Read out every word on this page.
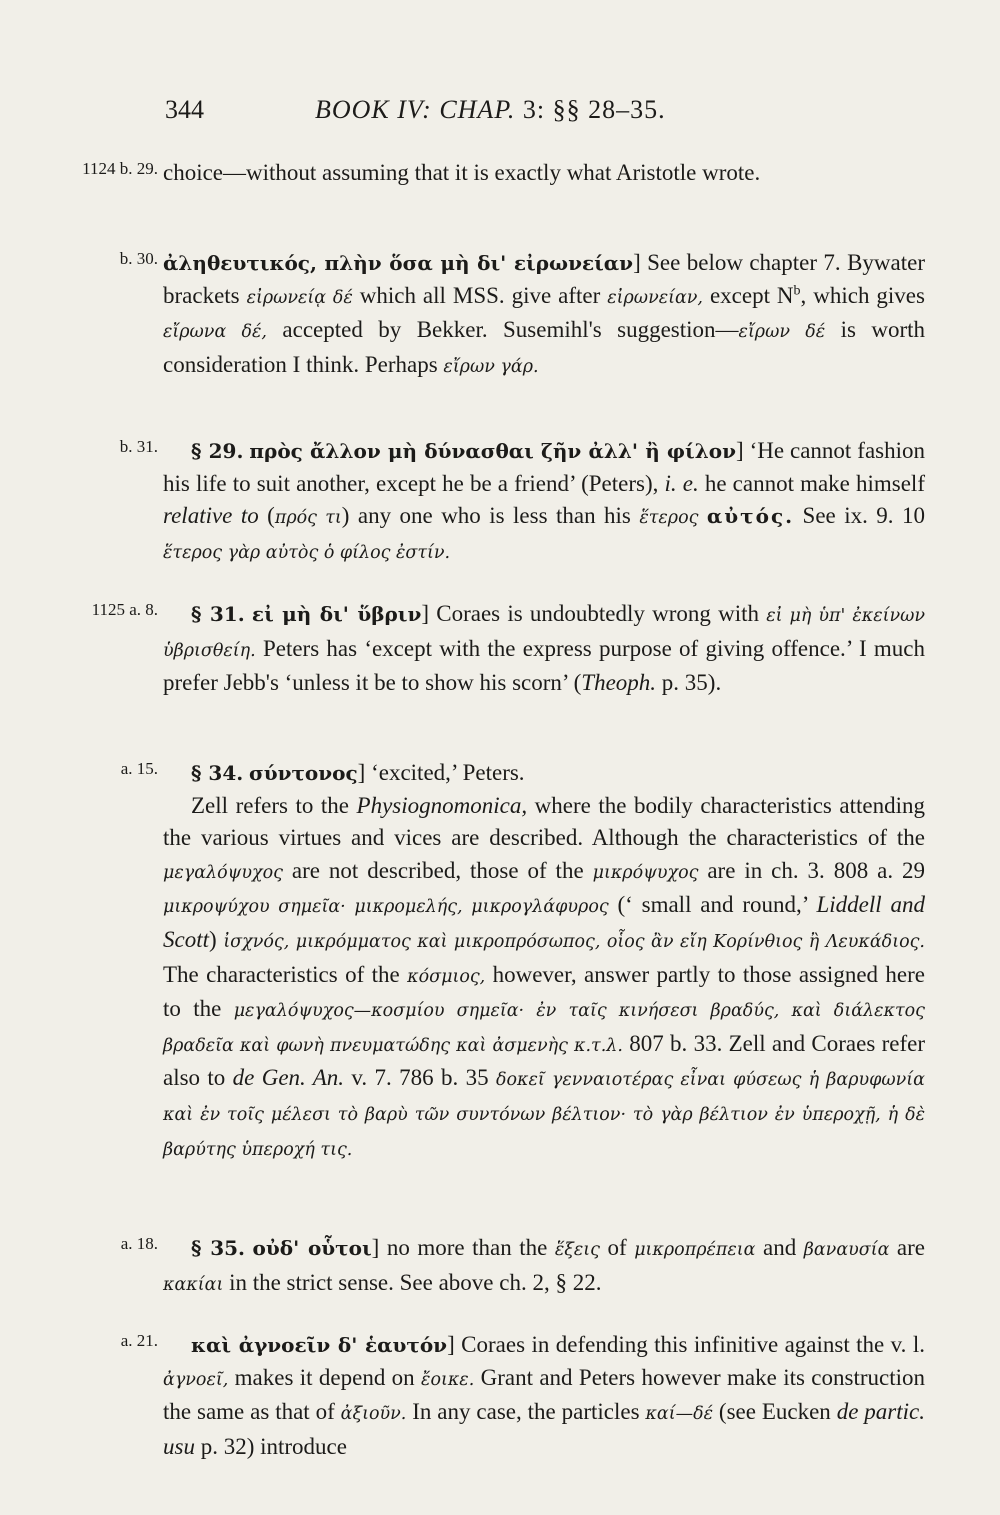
344	BOOK IV: CHAP. 3: §§ 28–35.
1124 b. 29. choice—without assuming that it is exactly what Aristotle wrote.

b. 30. ἀληθευτικός, πλὴν ὅσα μὴ δι' εἰρωνείαν] See below chapter 7. Bywater brackets εἰρωνείᾳ δέ which all MSS. give after εἰρωνείαν, except $N^b$, which gives εἴρωνα δέ, accepted by Bekker. Susemihl's suggestion—εἴρων δέ is worth consideration I think. Perhaps εἴρων γάρ.

b. 31.	§ 29. πρὸς ἄλλον μὴ δύνασθαι ζῆν ἀλλ' ἢ φίλον] ‘He cannot fashion his life to suit another, except he be a friend’ (Peters), i. e. he cannot make himself relative to (πρός τι) any one who is less than his ἕτερος αὐτός. See ix. 9. 10 ἕτερος γὰρ αὐτὸς ὁ φίλος ἐστίν.

1125 a. 8.	§ 31. εἰ μὴ δι' ὕβριν] Coraes is undoubtedly wrong with εἰ μὴ ὑπ' ἐκείνων ὑβρισθείη. Peters has ‘except with the express purpose of giving offence.’ I much prefer Jebb's ‘unless it be to show his scorn’ (Theoph. p. 35).

a. 15.	§ 34. σύντονος] ‘excited,’ Peters.

Zell refers to the Physiognomonica, where the bodily characteristics attending the various virtues and vices are described. Although the characteristics of the μεγαλόψυχος are not described, those of the μικρόψυχος are in ch. 3. 808 a. 29 μικροψύχου σημεῖα· μικρομελής, μικρογλάφυρος (‘ small and round,’ Liddell and Scott) ἰσχνός, μικρόμματος καὶ μικροπρόσωπος, οἷος ἂν εἴη Κορίνθιος ἢ Λευκάδιος. The characteristics of the κόσμιος, however, answer partly to those assigned here to the μεγαλόψυχος—κοσμίου σημεῖα· ἐν ταῖς κινήσεσι βραδύς, καὶ διάλεκτος βραδεῖα καὶ φωνὴ πνευματώδης καὶ ἀσμενὴς κ.τ.λ. 807 b. 33. Zell and Coraes refer also to de Gen. An. v. 7. 786 b. 35 δοκεῖ γενναιοτέρας εἶναι φύσεως ἡ βαρυφωνία καὶ ἐν τοῖς μέλεσι τὸ βαρὺ τῶν συντόνων βέλτιον· τὸ γὰρ βέλτιον ἐν ὑπεροχῇ, ἡ δὲ βαρύτης ὑπεροχή τις.

a. 18.	§ 35. οὐδ' οὗτοι] no more than the ἕξεις of μικροπρέπεια and βαναυσία are κακίαι in the strict sense. See above ch. 2, § 22.

a. 21.	καὶ ἀγνοεῖν δ' ἑαυτόν] Coraes in defending this infinitive against the v. l. ἀγνοεῖ, makes it depend on ἔοικε. Grant and Peters however make its construction the same as that of ἀξιοῦν. In any case, the particles καί—δέ (see Eucken de partic. usu p. 32) introduce
